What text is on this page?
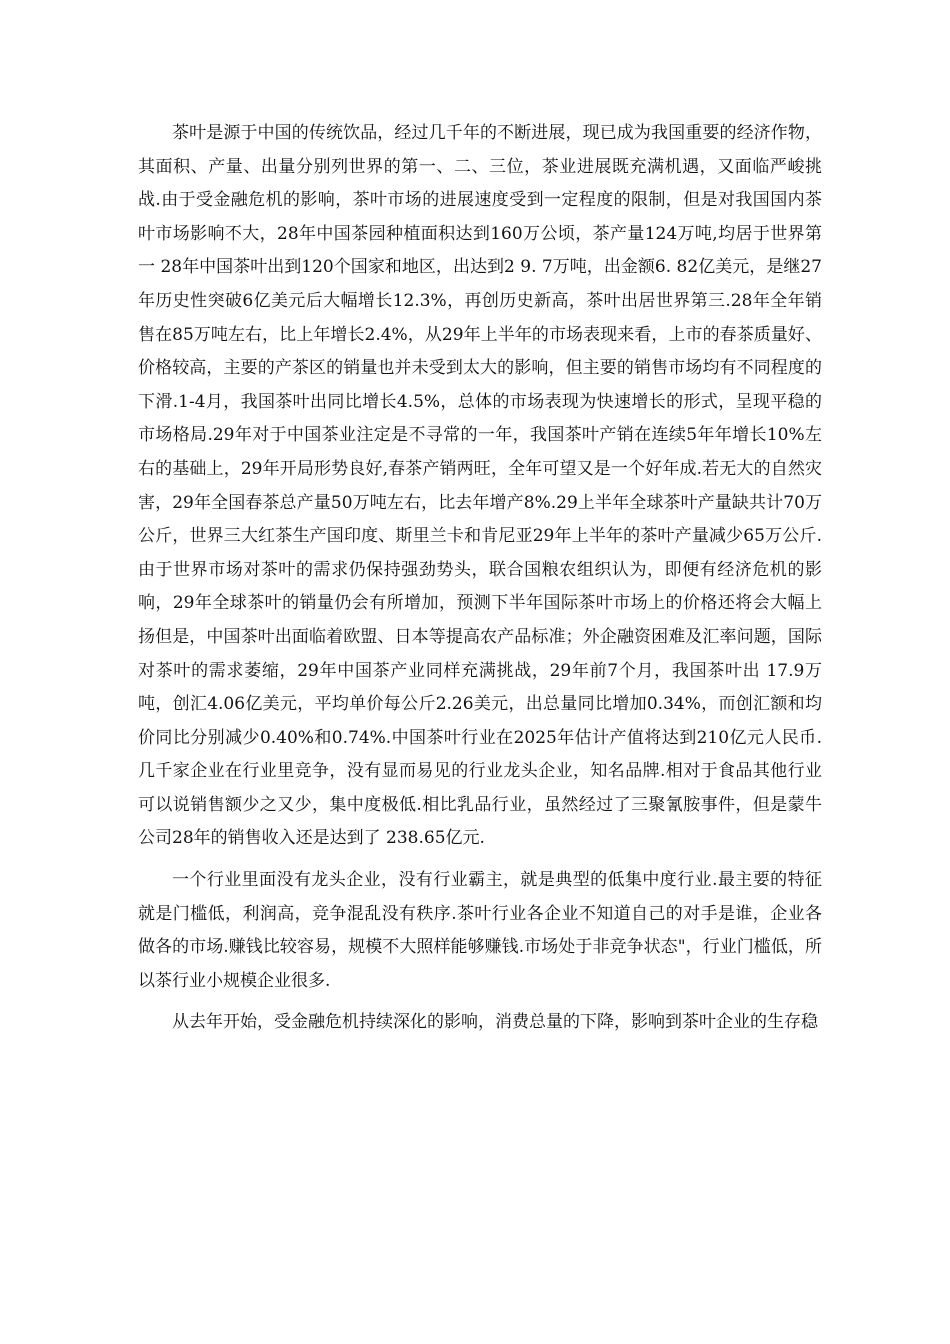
茶叶是源于中国的传统饮品，经过几千年的不断进展，现已成为我国重要的经济作物，其面积、产量、出量分别列世界的第一、二、三位，茶业进展既充满机遇，又面临严峻挑战.由于受金融危机的影响，茶叶市场的进展速度受到一定程度的限制，但是对我国国内茶叶市场影响不大，28年中国茶园种植面积达到160万公顷，茶产量124万吨,均居于世界第一 28年中国茶叶出到120个国家和地区，出达到2 9. 7万吨，出金额6. 82亿美元，是继27年历史性突破6亿美元后大幅增长12.3%，再创历史新高，茶叶出居世界第三.28年全年销售在85万吨左右，比上年增长2.4%，从29年上半年的市场表现来看，上市的春茶质量好、价格较高，主要的产茶区的销量也并未受到太大的影响，但主要的销售市场均有不同程度的下滑.1-4月，我国茶叶出同比增长4.5%，总体的市场表现为快速增长的形式，呈现平稳的市场格局.29年对于中国茶业注定是不寻常的一年，我国茶叶产销在连续5年年增长10%左右的基础上，29年开局形势良好,春茶产销两旺，全年可望又是一个好年成.若无大的自然灾害，29年全国春茶总产量50万吨左右，比去年增产8%.29上半年全球茶叶产量缺共计70万公斤，世界三大红茶生产国印度、斯里兰卡和肯尼亚29年上半年的茶叶产量减少65万公斤.由于世界市场对茶叶的需求仍保持强劲势头，联合国粮农组织认为，即便有经济危机的影响，29年全球茶叶的销量仍会有所增加，预测下半年国际茶叶市场上的价格还将会大幅上扬但是，中国茶叶出面临着欧盟、日本等提高农产品标准；外企融资困难及汇率问题，国际对茶叶的需求萎缩，29年中国茶产业同样充满挑战，29年前7个月，我国茶叶出 17.9万吨，创汇4.06亿美元，平均单价每公斤2.26美元，出总量同比增加0.34%，而创汇额和均价同比分别减少0.40%和0.74%.中国茶叶行业在2025年估计产值将达到210亿元人民币.几千家企业在行业里竞争，没有显而易见的行业龙头企业，知名品牌.相对于食品其他行业可以说销售额少之又少，集中度极低.相比乳品行业，虽然经过了三聚氰胺事件，但是蒙牛公司28年的销售收入还是达到了 238.65亿元.

一个行业里面没有龙头企业，没有行业霸主，就是典型的低集中度行业.最主要的特征就是门槛低，利润高，竞争混乱没有秩序.茶叶行业各企业不知道自己的对手是谁，企业各做各的市场.赚钱比较容易，规模不大照样能够赚钱.市场处于非竞争状态"，行业门槛低，所以茶行业小规模企业很多.

从去年开始，受金融危机持续深化的影响，消费总量的下降，影响到茶叶企业的生存稳
